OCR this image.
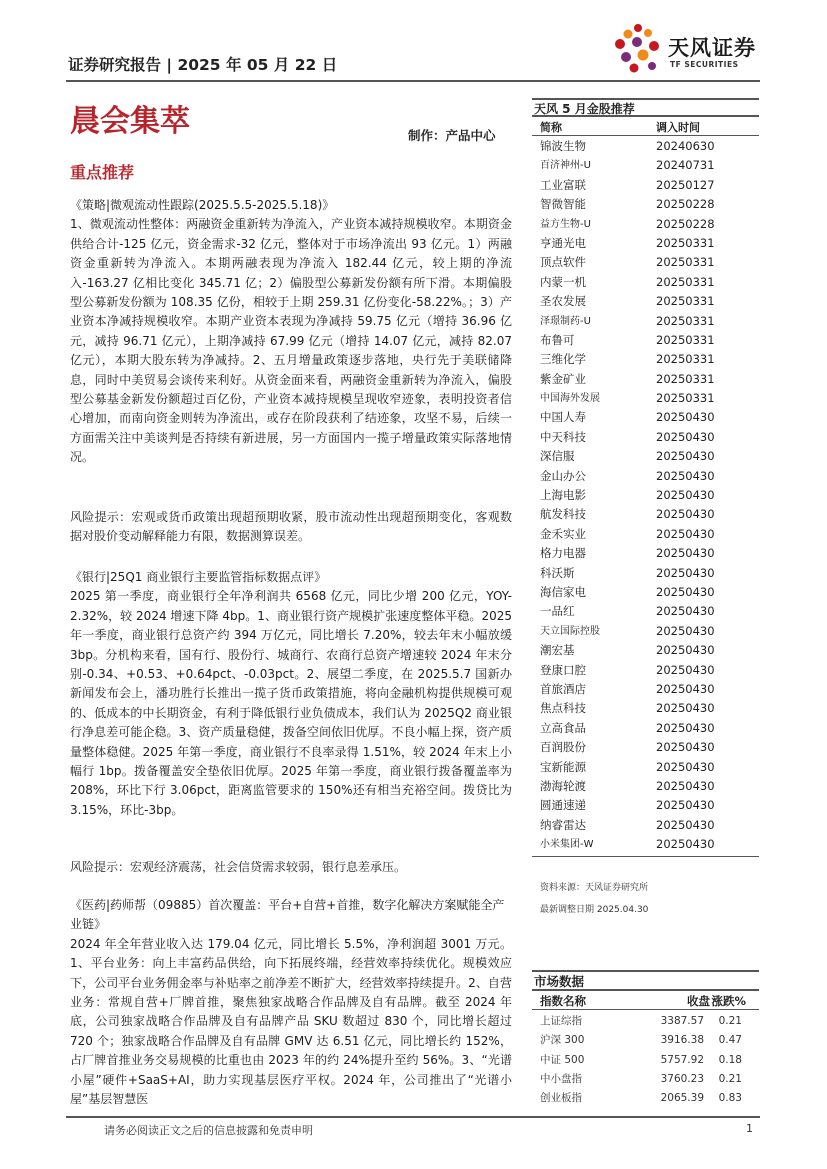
证券研究报告 | 2025 年 05 月 22 日
天风证券
TF SECURITIES
晨会集萃	制作：产品中心
重点推荐

《策略|微观流动性跟踪(2025.5.5-2025.5.18)》

1、微观流动性整体：两融资金重新转为净流入，产业资本减持规模收窄。本期资金供给合计-125 亿元，资金需求-32 亿元，整体对于市场净流出 93 亿元。1）两融资金重新转为净流入。本期两融表现为净流入 182.44 亿元，较上期的净流入-163.27 亿相比变化 345.71 亿；2）偏股型公募新发份额有所下滑。本期偏股型公募新发份额为 108.35 亿份，相较于上期 259.31 亿份变化-58.22%。；3）产业资本净减持规模收窄。本期产业资本表现为净减持 59.75 亿元（增持 36.96 亿元，减持 96.71 亿元），上期净减持 67.99 亿元（增持 14.07 亿元，减持 82.07 亿元），本期大股东转为净减持。2、五月增量政策逐步落地，央行先于美联储降息，同时中美贸易会谈传来利好。从资金面来看，两融资金重新转为净流入，偏股型公募基金新发份额超过百亿份，产业资本减持规模呈现收窄迹象，表明投资者信心增加，而南向资金则转为净流出，或存在阶段获利了结迹象，攻坚不易，后续一方面需关注中美谈判是否持续有新进展，另一方面国内一揽子增量政策实际落地情况。

风险提示：宏观或货币政策出现超预期收紧，股市流动性出现超预期变化，客观数据对股价变动解释能力有限，数据测算误差。

《银行|25Q1 商业银行主要监管指标数据点评》

2025 第一季度，商业银行全年净利润共 6568 亿元，同比少增 200 亿元，YOY-2.32%，较 2024 增速下降 4bp。1、商业银行资产规模扩张速度整体平稳。2025 年一季度，商业银行总资产约 394 万亿元，同比增长 7.20%，较去年末小幅放缓 3bp。分机构来看，国有行、股份行、城商行、农商行总资产增速较 2024 年末分别-0.34、+0.53、+0.64pct、-0.03pct。2、展望二季度，在 2025.5.7 国新办新闻发布会上，潘功胜行长推出一揽子货币政策措施，将向金融机构提供规模可观的、低成本的中长期资金，有利于降低银行业负债成本，我们认为 2025Q2 商业银行净息差可能企稳。3、资产质量稳健，拨备空间依旧优厚。不良小幅上探，资产质量整体稳健。2025 年第一季度，商业银行不良率录得 1.51%，较 2024 年末上小幅行 1bp。拨备覆盖安全垫依旧优厚。2025 年第一季度，商业银行拨备覆盖率为 208%，环比下行 3.06pct，距离监管要求的 150%还有相当充裕空间。拨贷比为 3.15%，环比-3bp。

风险提示：宏观经济震荡，社会信贷需求较弱，银行息差承压。

《医药|药师帮（09885）首次覆盖：平台+自营+首推，数字化解决方案赋能全产业链》

2024 年全年营业收入达 179.04 亿元，同比增长 5.5%，净利润超 3001 万元。1、平台业务：向上丰富药品供给，向下拓展终端，经营效率持续优化。规模效应下，公司平台业务佣金率与补贴率之前净差不断扩大，经营效率持续提升。2、自营业务：常规自营+厂牌首推，聚焦独家战略合作品牌及自有品牌。截至 2024 年底，公司独家战略合作品牌及自有品牌产品 SKU 数超过 830 个，同比增长超过 720 个；独家战略合作品牌及自有品牌 GMV 达 6.51 亿元，同比增长约 152%，占厂牌首推业务交易规模的比重也由 2023 年的约 24%提升至约 56%。3、“光谱小屋”硬件+SaaS+AI，助力实现基层医疗平权。2024 年，公司推出了“光谱小屋”基层智慧医

天风 5 月金股推荐
简称	调入时间
锦波生物	20240630
百济神州-U	20240731
工业富联	20250127
智微智能	20250228
益方生物-U	20250228
亨通光电	20250331
顶点软件	20250331
内蒙一机	20250331
圣农发展	20250331
泽璟制药-U	20250331
布鲁可	20250331
三维化学	20250331
紫金矿业	20250331
中国海外发展	20250331
中国人寿	20250430
中天科技	20250430
深信服	20250430
金山办公	20250430
上海电影	20250430
航发科技	20250430
金禾实业	20250430
格力电器	20250430
科沃斯	20250430
海信家电	20250430
一品红	20250430
天立国际控股	20250430
潮宏基	20250430
登康口腔	20250430
首旅酒店	20250430
焦点科技	20250430
立高食品	20250430
百润股份	20250430
宝新能源	20250430
渤海轮渡	20250430
圆通速递	20250430
纳睿雷达	20250430
小米集团-W	20250430
资料来源：天风证券研究所
最新调整日期 2025.04.30
市场数据
指数名称	收盘 涨跌%
上证综指	3387.57	0.21
沪深 300	3916.38	0.47
中证 500	5757.92	0.18
中小盘指	3760.23	0.21
创业板指	2065.39	0.83
请务必阅读正文之后的信息披露和免责申明	1
